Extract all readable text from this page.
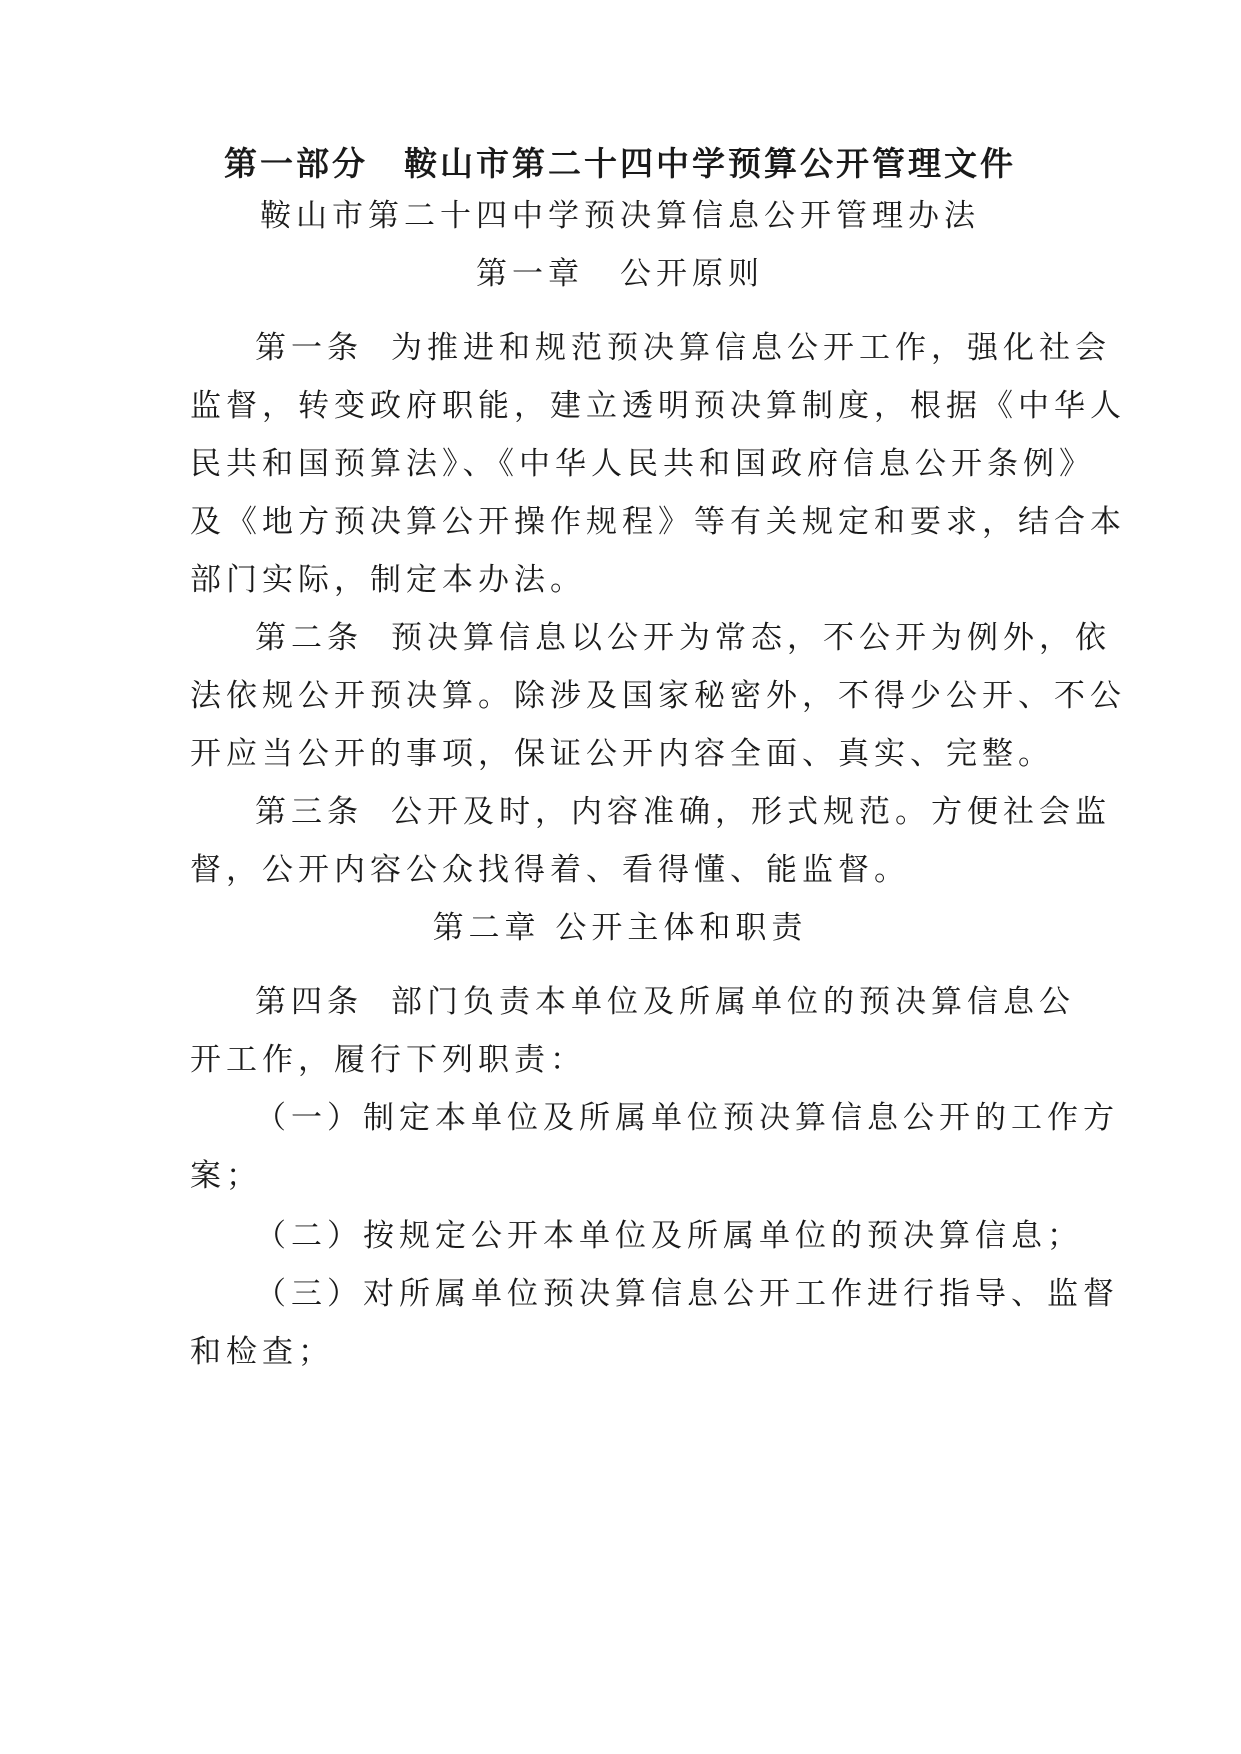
第一部分　鞍山市第二十四中学预算公开管理文件
鞍山市第二十四中学预决算信息公开管理办法
第一章　公开原则
第一条 为推进和规范预决算信息公开工作，强化社会
监督，转变政府职能，建立透明预决算制度，根据《中华人
民共和国预算法》、《中华人民共和国政府信息公开条例》
及《地方预决算公开操作规程》等有关规定和要求，结合本
部门实际，制定本办法。
第二条 预决算信息以公开为常态，不公开为例外，依
法依规公开预决算。除涉及国家秘密外，不得少公开、不公
开应当公开的事项，保证公开内容全面、真实、完整。
第三条 公开及时，内容准确，形式规范。方便社会监
督，公开内容公众找得着、看得懂、能监督。
第二章 公开主体和职责
第四条 部门负责本单位及所属单位的预决算信息公
开工作，履行下列职责：
（一）制定本单位及所属单位预决算信息公开的工作方
案；
（二）按规定公开本单位及所属单位的预决算信息；
（三）对所属单位预决算信息公开工作进行指导、监督
和检查；
